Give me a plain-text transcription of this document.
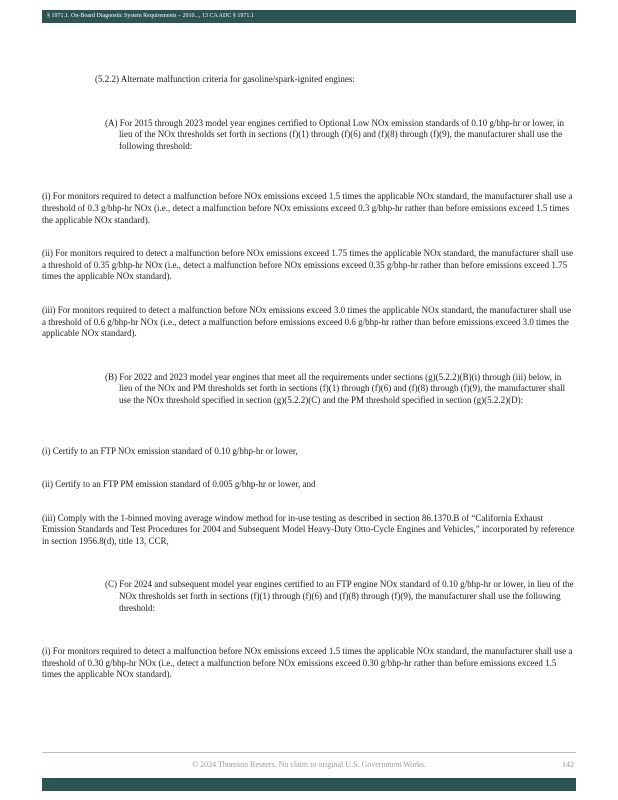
§ 1971.1. On-Board Diagnostic System Requirements – 2010..., 13 CA ADC § 1971.1

(5.2.2) Alternate malfunction criteria for gasoline/spark-ignited engines:

(A) For 2015 through 2023 model year engines certified to Optional Low NOx emission standards of 0.10 g/bhp-hr or lower, in lieu of the NOx thresholds set forth in sections (f)(1) through (f)(6) and (f)(8) through (f)(9), the manufacturer shall use the following threshold:

(i) For monitors required to detect a malfunction before NOx emissions exceed 1.5 times the applicable NOx standard, the manufacturer shall use a threshold of 0.3 g/bhp-hr NOx (i.e., detect a malfunction before NOx emissions exceed 0.3 g/bhp-hr rather than before emissions exceed 1.5 times the applicable NOx standard).

(ii) For monitors required to detect a malfunction before NOx emissions exceed 1.75 times the applicable NOx standard, the manufacturer shall use a threshold of 0.35 g/bhp-hr NOx (i.e., detect a malfunction before NOx emissions exceed 0.35 g/bhp-hr rather than before emissions exceed 1.75 times the applicable NOx standard).

(iii) For monitors required to detect a malfunction before NOx emissions exceed 3.0 times the applicable NOx standard, the manufacturer shall use a threshold of 0.6 g/bhp-hr NOx (i.e., detect a malfunction before emissions exceed 0.6 g/bhp-hr rather than before emissions exceed 3.0 times the applicable NOx standard).

(B) For 2022 and 2023 model year engines that meet all the requirements under sections (g)(5.2.2)(B)(i) through (iii) below, in lieu of the NOx and PM thresholds set forth in sections (f)(1) through (f)(6) and (f)(8) through (f)(9), the manufacturer shall use the NOx threshold specified in section (g)(5.2.2)(C) and the PM threshold specified in section (g)(5.2.2)(D):

(i) Certify to an FTP NOx emission standard of 0.10 g/bhp-hr or lower,

(ii) Certify to an FTP PM emission standard of 0.005 g/bhp-hr or lower, and

(iii) Comply with the 1-binned moving average window method for in-use testing as described in section 86.1370.B of “California Exhaust Emission Standards and Test Procedures for 2004 and Subsequent Model Heavy-Duty Otto-Cycle Engines and Vehicles,” incorporated by reference in section 1956.8(d), title 13, CCR,

(C) For 2024 and subsequent model year engines certified to an FTP engine NOx standard of 0.10 g/bhp-hr or lower, in lieu of the NOx thresholds set forth in sections (f)(1) through (f)(6) and (f)(8) through (f)(9), the manufacturer shall use the following threshold:

(i) For monitors required to detect a malfunction before NOx emissions exceed 1.5 times the applicable NOx standard, the manufacturer shall use a threshold of 0.30 g/bhp-hr NOx (i.e., detect a malfunction before NOx emissions exceed 0.30 g/bhp-hr rather than before emissions exceed 1.5 times the applicable NOx standard).

© 2024 Thomson Reuters. No claim to original U.S. Government Works.	142
